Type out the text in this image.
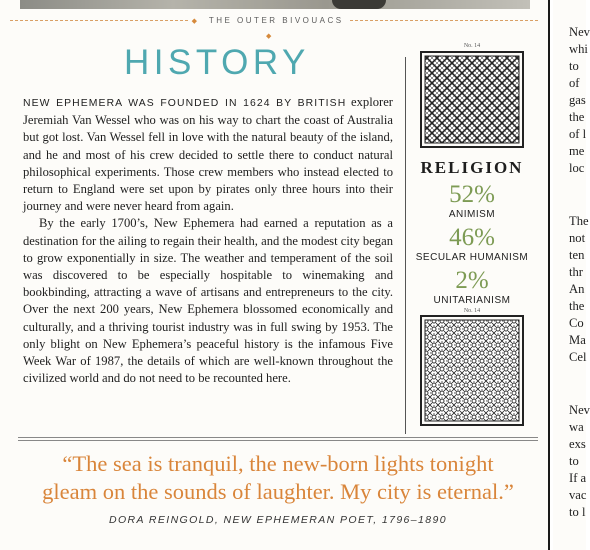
◆ THE OUTER BIVOUACS  ◆
HISTORY

NEW EPHEMERA WAS FOUNDED IN 1624 BY BRITISH explorer Jeremiah Van Wessel who was on his way to chart the coast of Australia but got lost. Van Wessel fell in love with the natural beauty of the island, and he and most of his crew decided to settle there to conduct natural philosophical experiments. Those crew members who instead elected to return to England were set upon by pirates only three hours into their journey and were never heard from again.

By the early 1700’s, New Ephemera had earned a reputation as a destination for the ailing to regain their health, and the modest city began to grow exponentially in size. The weather and temperament of the soil was discovered to be especially hospitable to winemaking and bookbinding, attracting a wave of artisans and entrepreneurs to the city. Over the next 200 years, New Ephemera blossomed economically and culturally, and a thriving tourist industry was in full swing by 1953. The only blight on New Ephemera’s peaceful history is the infamous Five Week War of 1987, the details of which are well-known throughout the civilized world and do not need to be recounted here.

No. 14
RELIGION
52%
ANIMISM
46%
SECULAR HUMANISM
2%
UNITARIANISM
No. 14
“The sea is tranquil, the new-born lights tonight
gleam on the sounds of laughter. My city is eternal.”
DORA REINGOLD, NEW EPHEMERAN POET, 1796–1890
Nev
whi
to
of
gas
the
of l
me
loc
The
not
ten
thr
An
the
Co
Ma
Cel
Nev
wa
exs
to
If a
vac
to l
